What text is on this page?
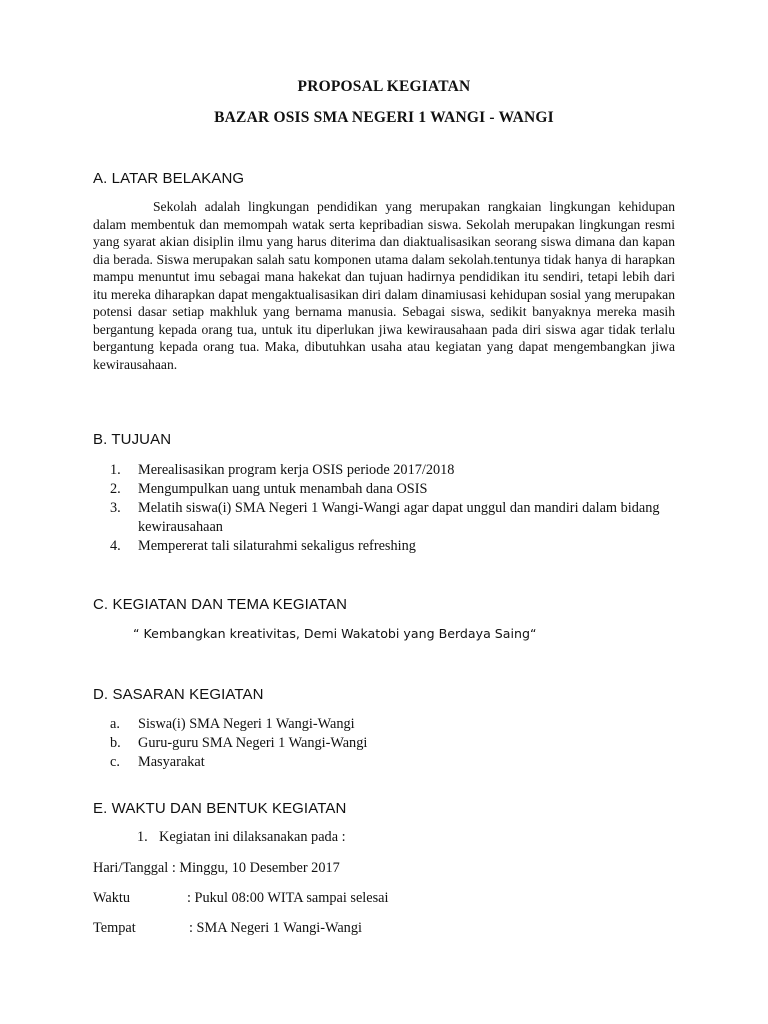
PROPOSAL KEGIATAN
BAZAR OSIS SMA NEGERI 1 WANGI - WANGI
A. LATAR BELAKANG

Sekolah adalah lingkungan pendidikan yang merupakan rangkaian lingkungan kehidupan dalam membentuk dan memompah watak serta kepribadian siswa. Sekolah merupakan lingkungan resmi yang syarat akian disiplin ilmu yang harus diterima dan diaktualisasikan seorang siswa dimana dan kapan dia berada. Siswa merupakan salah satu komponen utama dalam sekolah.tentunya tidak hanya di harapkan mampu menuntut imu sebagai mana hakekat dan tujuan hadirnya pendidikan itu sendiri, tetapi lebih dari itu mereka diharapkan dapat mengaktualisasikan diri dalam dinamiusasi kehidupan sosial yang merupakan potensi dasar setiap makhluk yang bernama manusia. Sebagai siswa, sedikit banyaknya mereka masih bergantung kepada orang tua, untuk itu diperlukan jiwa kewirausahaan pada diri siswa agar tidak terlalu bergantung kepada orang tua. Maka, dibutuhkan usaha atau kegiatan yang dapat mengembangkan jiwa kewirausahaan.

B. TUJUAN
1. Merealisasikan program kerja OSIS periode 2017/2018
2. Mengumpulkan uang untuk menambah dana OSIS
3. Melatih siswa(i) SMA Negeri 1 Wangi-Wangi agar dapat unggul dan mandiri dalam bidang kewirausahaan
4. Mempererat tali silaturahmi sekaligus refreshing
C. KEGIATAN DAN TEMA KEGIATAN
“ Kembangkan kreativitas, Demi Wakatobi yang Berdaya Saing“
D. SASARAN KEGIATAN
a. Siswa(i) SMA Negeri 1 Wangi-Wangi
b. Guru-guru SMA Negeri 1 Wangi-Wangi
c. Masyarakat
E. WAKTU DAN BENTUK KEGIATAN
1. Kegiatan ini dilaksanakan pada :
Hari/Tanggal : Minggu, 10 Desember 2017
Waktu	: Pukul 08:00 WITA sampai selesai
Tempat	: SMA Negeri 1 Wangi-Wangi
